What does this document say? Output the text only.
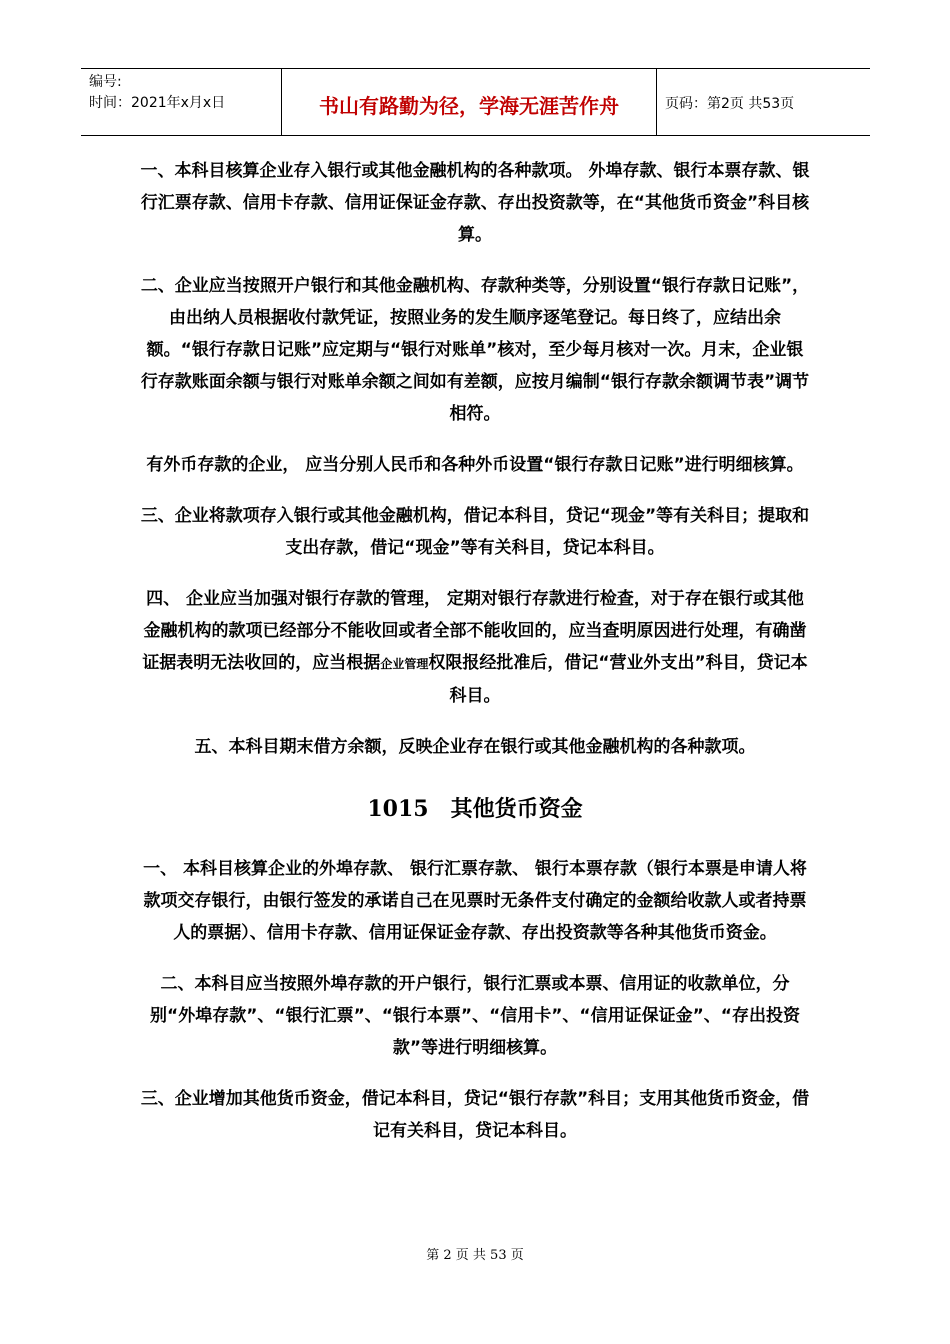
编号:
时间：2021年x月x日	书山有路勤为径，学海无涯苦作舟	页码：第2页 共53页

一、本科目核算企业存入银行或其他金融机构的各种款项。 外埠存款、银行本票存款、银行汇票存款、信用卡存款、信用证保证金存款、存出投资款等，在“其他货币资金”科目核算。

二、企业应当按照开户银行和其他金融机构、存款种类等，分别设置“银行存款日记账”，由出纳人员根据收付款凭证，按照业务的发生顺序逐笔登记。每日终了，应结出余额。“银行存款日记账”应定期与“银行对账单”核对，至少每月核对一次。月末，企业银行存款账面余额与银行对账单余额之间如有差额，应按月编制“银行存款余额调节表”调节相符。

有外币存款的企业， 应当分别人民币和各种外币设置“银行存款日记账”进行明细核算。

三、企业将款项存入银行或其他金融机构，借记本科目，贷记“现金”等有关科目；提取和支出存款，借记“现金”等有关科目，贷记本科目。

四、 企业应当加强对银行存款的管理， 定期对银行存款进行检查，对于存在银行或其他金融机构的款项已经部分不能收回或者全部不能收回的，应当查明原因进行处理，有确凿证据表明无法收回的，应当根据企业管理权限报经批准后，借记“营业外支出”科目，贷记本科目。

五、本科目期末借方余额，反映企业存在银行或其他金融机构的各种款项。

1015　其他货币资金

一、 本科目核算企业的外埠存款、 银行汇票存款、 银行本票存款（银行本票是申请人将款项交存银行，由银行签发的承诺自己在见票时无条件支付确定的金额给收款人或者持票人的票据）、信用卡存款、信用证保证金存款、存出投资款等各种其他货币资金。

二、本科目应当按照外埠存款的开户银行，银行汇票或本票、信用证的收款单位，分别“外埠存款”、“银行汇票”、“银行本票”、“信用卡”、“信用证保证金”、“存出投资款”等进行明细核算。

三、企业增加其他货币资金，借记本科目，贷记“银行存款”科目；支用其他货币资金，借记有关科目，贷记本科目。

第 2 页 共 53 页
